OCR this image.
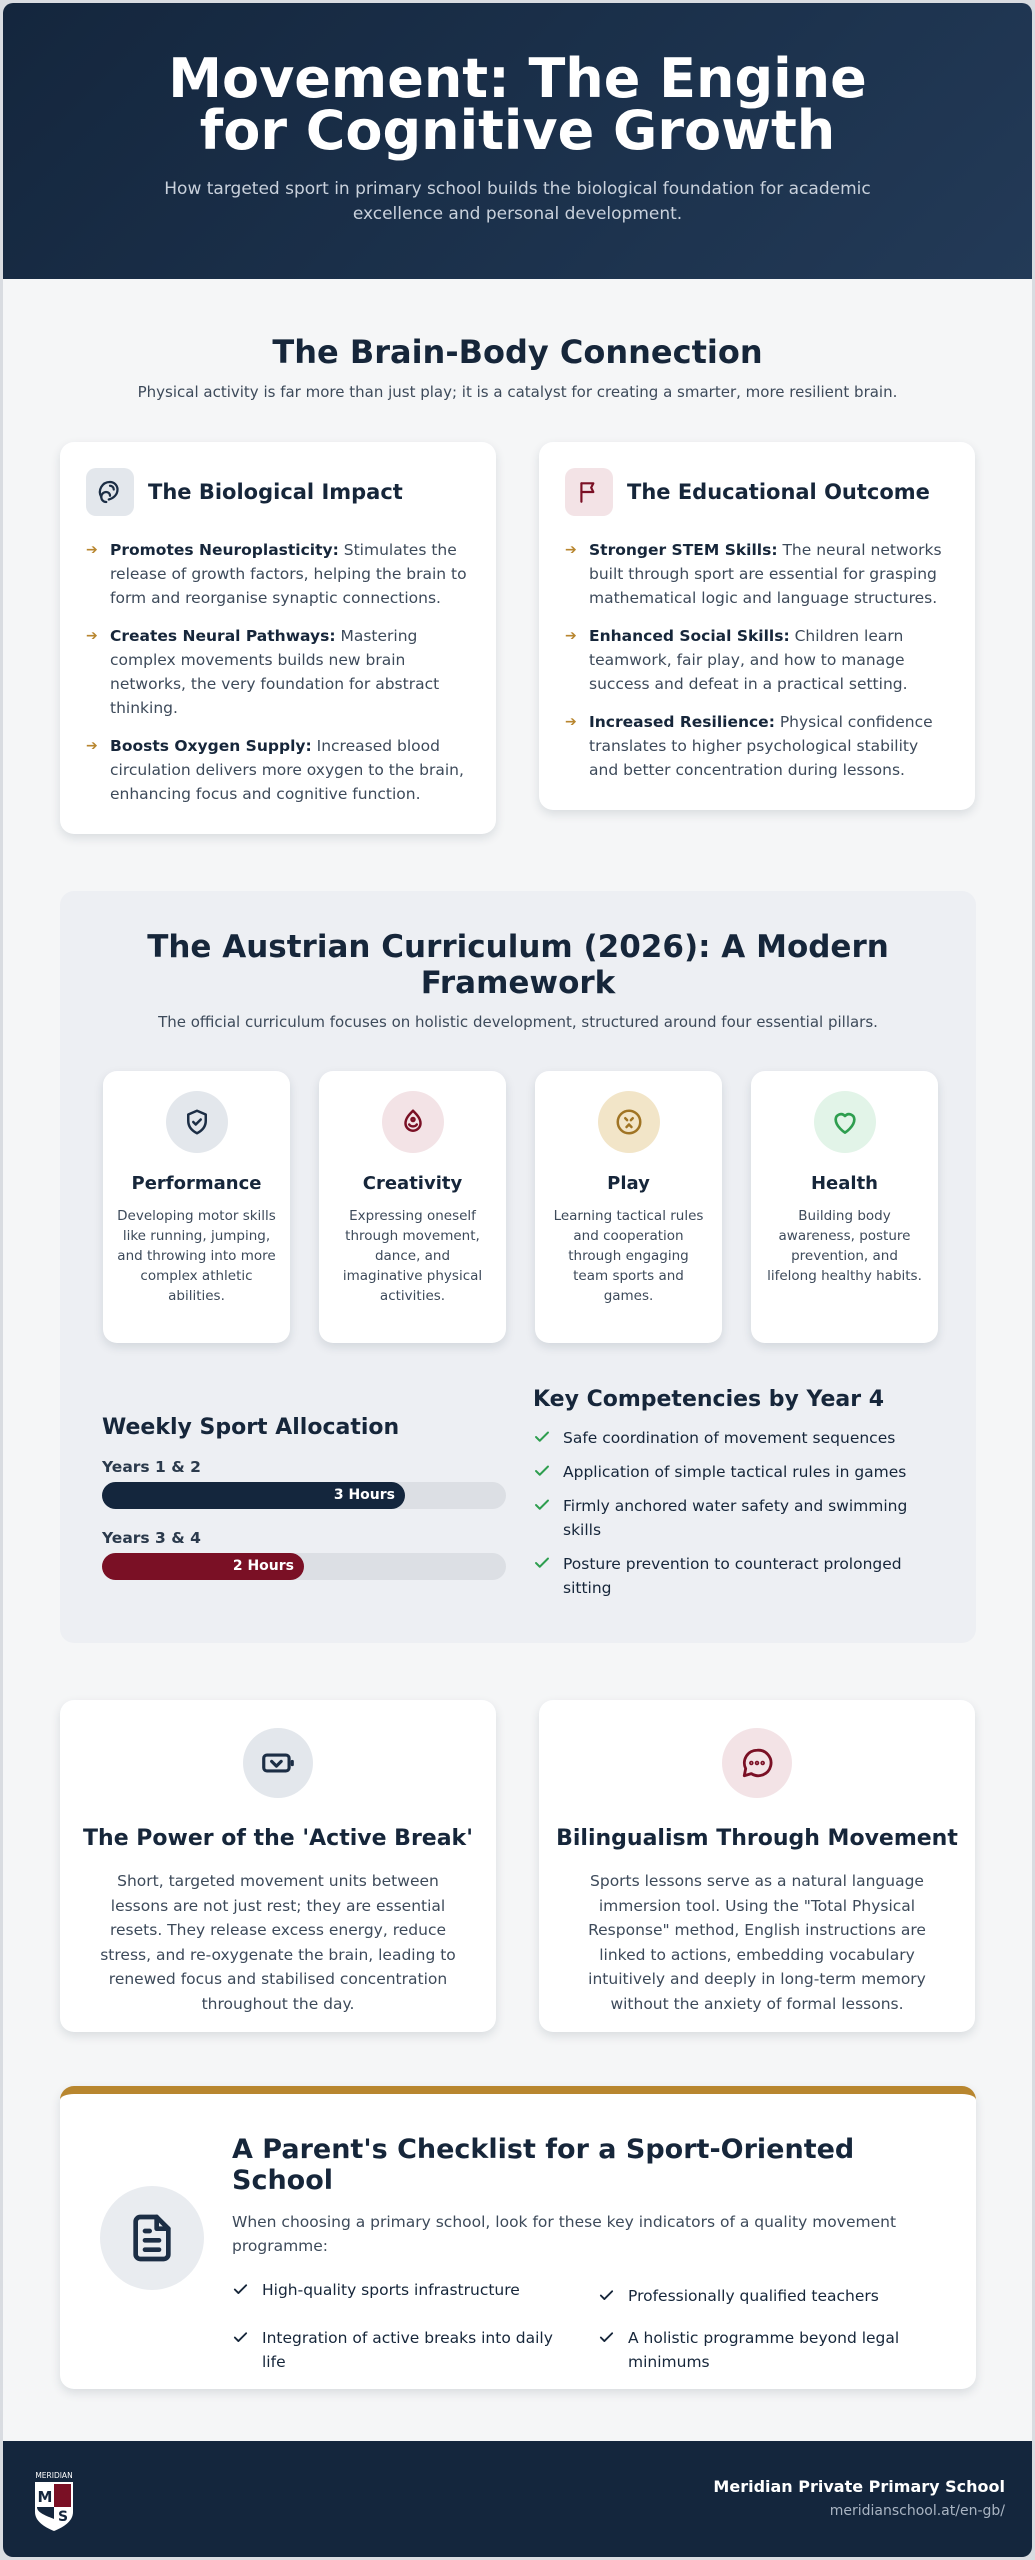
Movement: The Engine for Cognitive Growth

How targeted sport in primary school builds the biological foundation for academic excellence and personal development.

The Brain-Body Connection

Physical activity is far more than just play; it is a catalyst for creating a smarter, more resilient brain.

The Biological Impact
➔ Promotes Neuroplasticity: Stimulates the release of growth factors, helping the brain to form and reorganise synaptic connections.
➔ Creates Neural Pathways: Mastering complex movements builds new brain networks, the very foundation for abstract thinking.
➔ Boosts Oxygen Supply: Increased blood circulation delivers more oxygen to the brain, enhancing focus and cognitive function.
The Educational Outcome
➔ Stronger STEM Skills: The neural networks built through sport are essential for grasping mathematical logic and language structures.
➔ Enhanced Social Skills: Children learn teamwork, fair play, and how to manage success and defeat in a practical setting.
➔ Increased Resilience: Physical confidence translates to higher psychological stability and better concentration during lessons.
The Austrian Curriculum (2026): A Modern Framework

The official curriculum focuses on holistic development, structured around four essential pillars.

Performance

Developing motor skills like running, jumping, and throwing into more complex athletic abilities.

Creativity

Expressing oneself through movement, dance, and imaginative physical activities.

Play

Learning tactical rules and cooperation through engaging team sports and games.

Health

Building body awareness, posture prevention, and lifelong healthy habits.

Weekly Sport Allocation
Years 1 & 2
3 Hours
Years 3 & 4
2 Hours
Key Competencies by Year 4
Safe coordination of movement sequences
Application of simple tactical rules in games
Firmly anchored water safety and swimming skills
Posture prevention to counteract prolonged sitting
The Power of the 'Active Break'

Short, targeted movement units between lessons are not just rest; they are essential resets. They release excess energy, reduce stress, and re-oxygenate the brain, leading to renewed focus and stabilised concentration throughout the day.

Bilingualism Through Movement

Sports lessons serve as a natural language immersion tool. Using the "Total Physical Response" method, English instructions are linked to actions, embedding vocabulary intuitively and deeply in long-term memory without the anxiety of formal lessons.

A Parent's Checklist for a Sport-Oriented School

When choosing a primary school, look for these key indicators of a quality movement programme:

High-quality sports infrastructure	Professionally qualified teachers
Integration of active breaks into daily life
A holistic programme beyond legal minimums
MERIDIAN
M
S
Meridian Private Primary School
meridianschool.at/en-gb/
